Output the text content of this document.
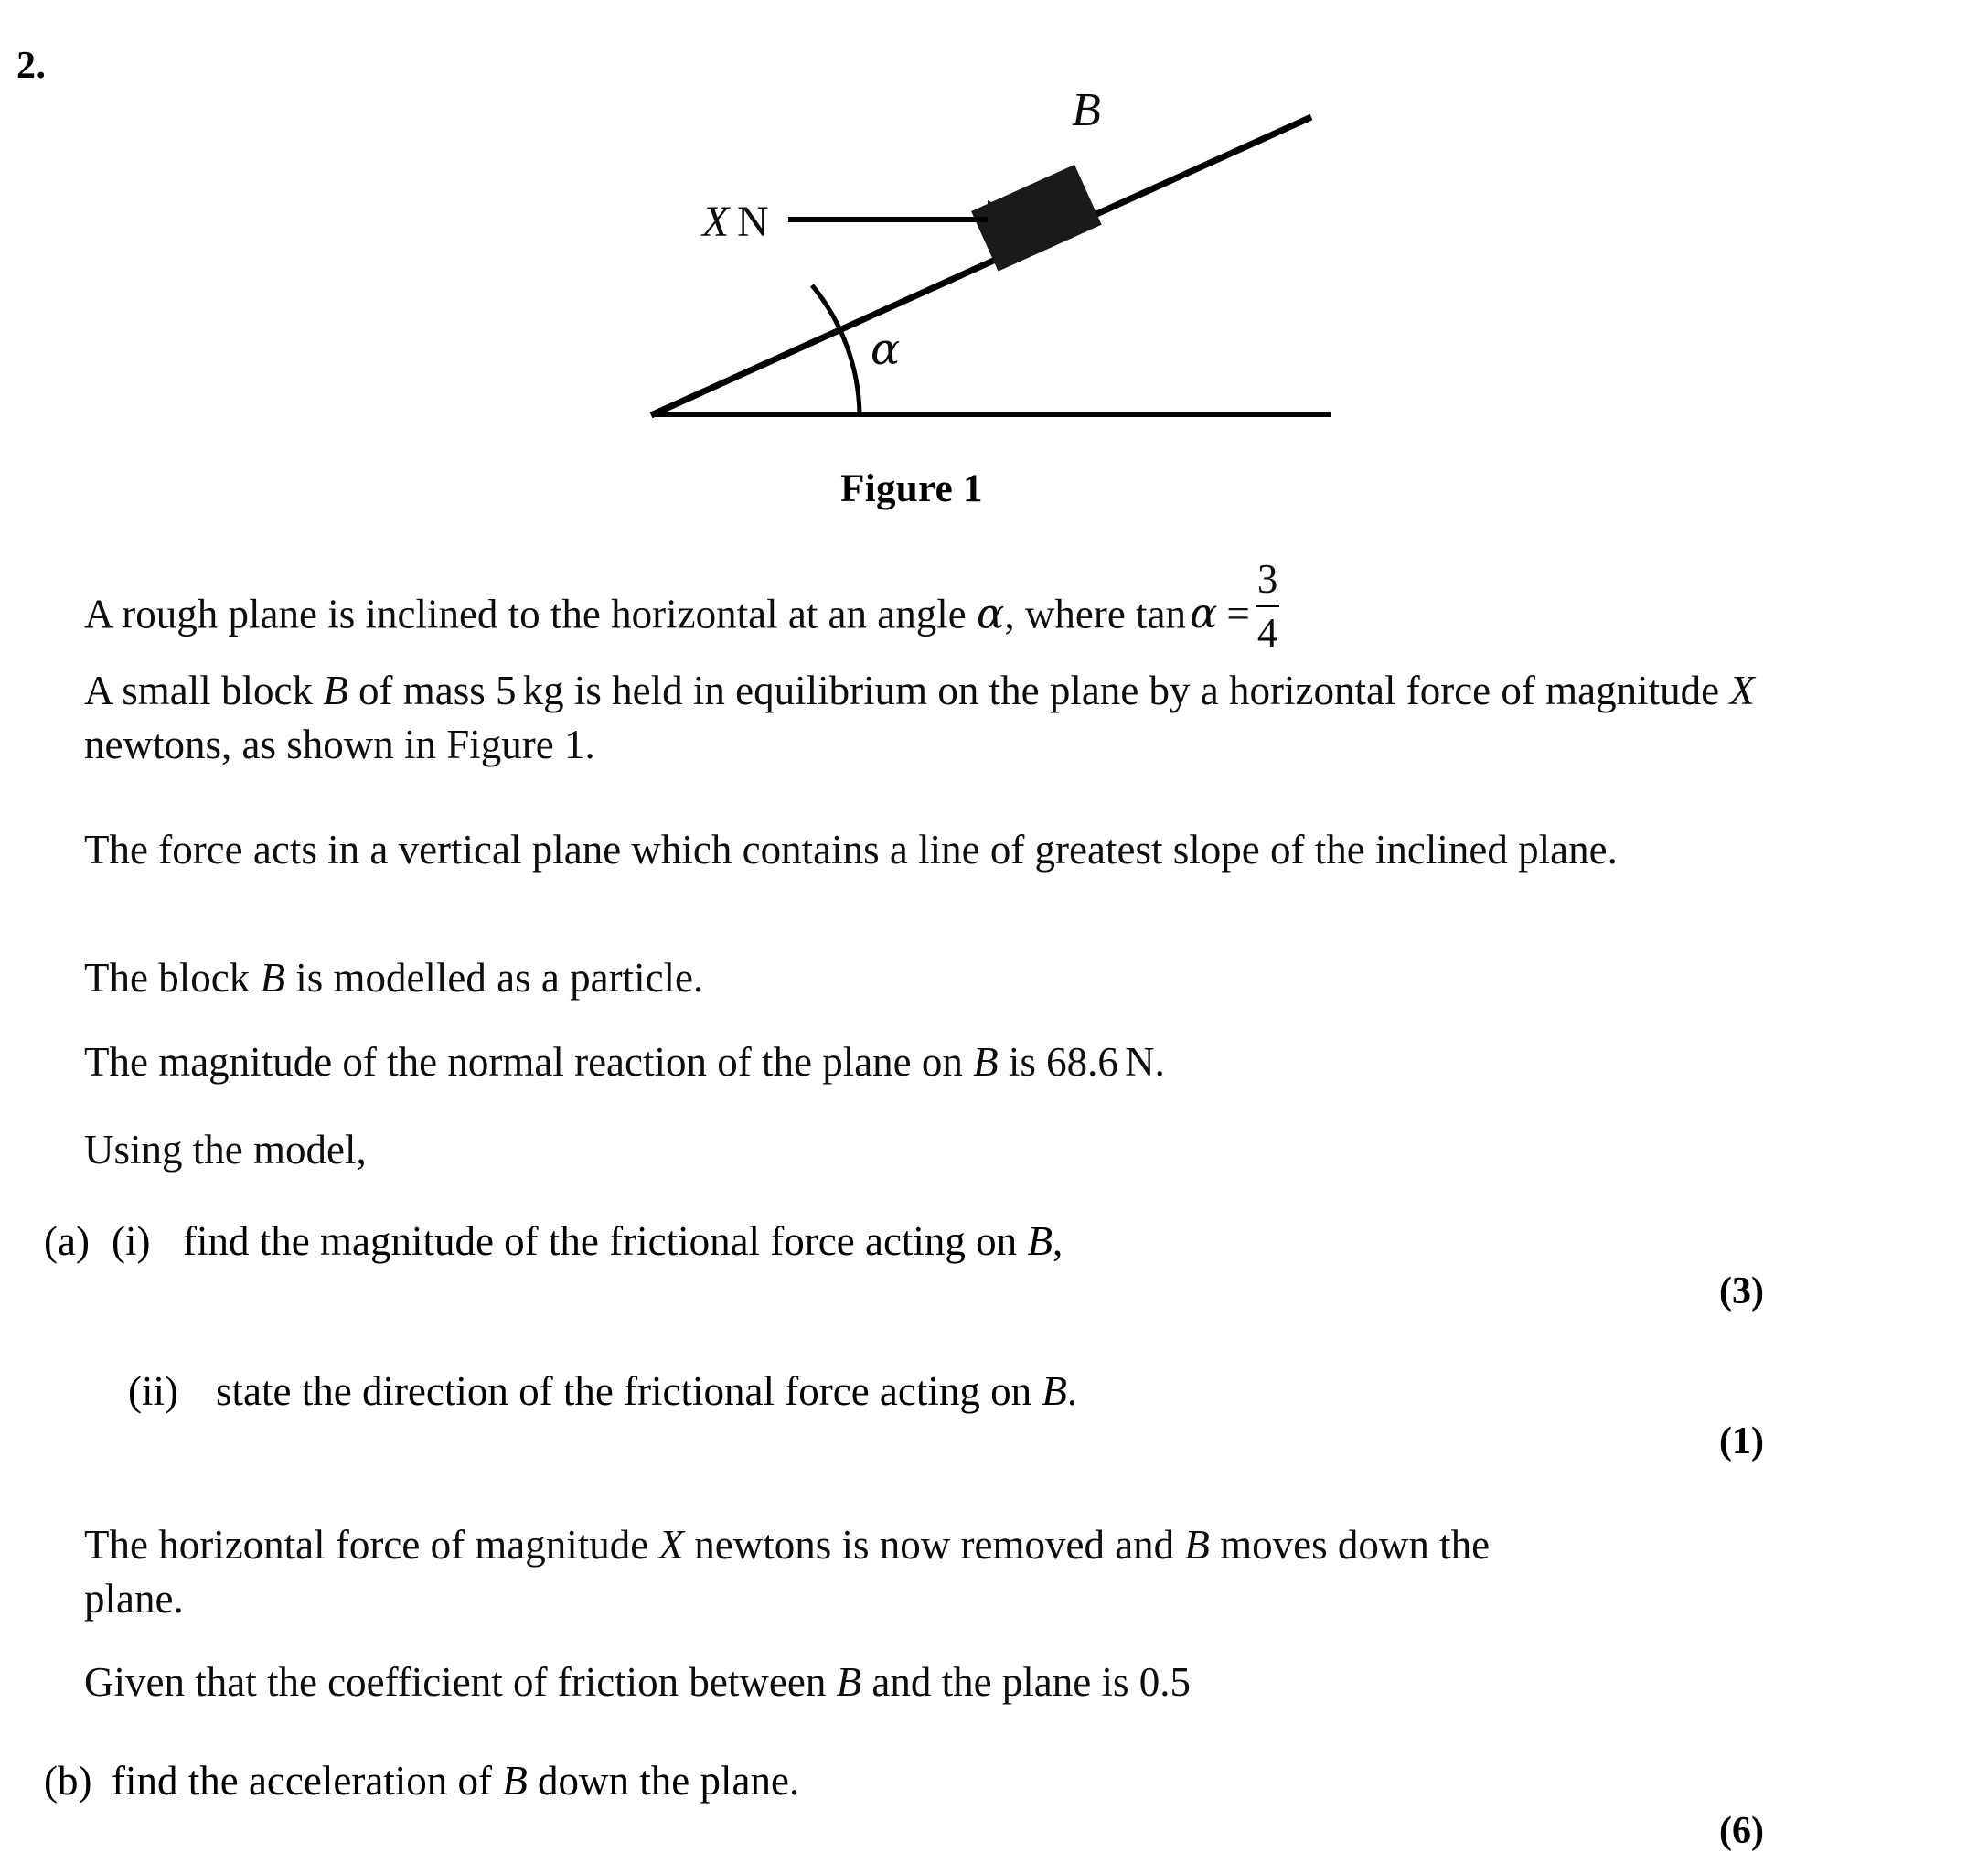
2.
X N
B
α
Figure 1
A rough plane is inclined to the horizontal at an angle α, where $\tan\alpha = \frac{3}{4}$
A small block B of mass 5 kg is held in equilibrium on the plane by a horizontal force of magnitude X newtons, as shown in Figure 1.
The force acts in a vertical plane which contains a line of greatest slope of the inclined plane.
The block B is modelled as a particle.
The magnitude of the normal reaction of the plane on B is 68.6 N.
Using the model,
(a) (i) find the magnitude of the frictional force acting on B,
(3)
(ii) state the direction of the frictional force acting on B.
(1)
The horizontal force of magnitude X newtons is now removed and B moves down the plane.
Given that the coefficient of friction between B and the plane is 0.5
(b) find the acceleration of B down the plane.
(6)
